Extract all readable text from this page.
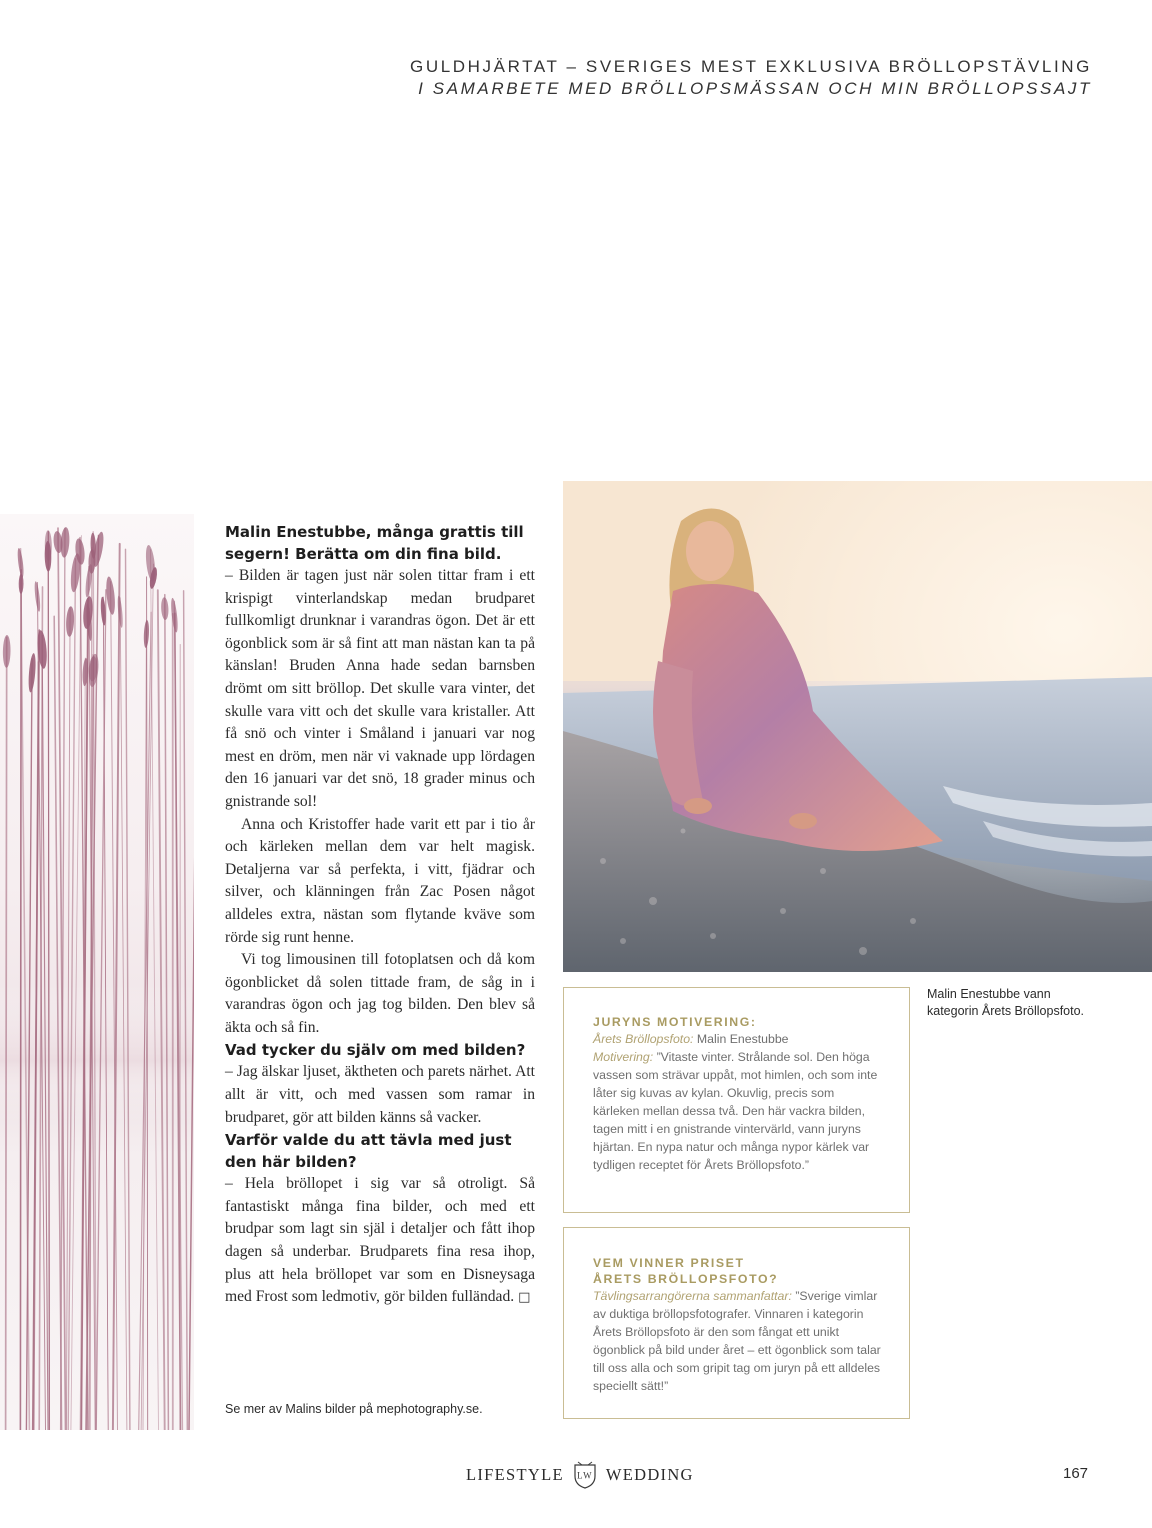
GULDHJÄRTAT – SVERIGES MEST EXKLUSIVA BRÖLLOPSTÄVLING
I SAMARBETE MED BRÖLLOPSMÄSSAN OCH MIN BRÖLLOPSSAJT
Malin Enestubbe, många grattis till segern! Berätta om din fina bild.

– Bilden är tagen just när solen tittar fram i ett krispigt vinterlandskap medan brudparet fullkomligt drunknar i varandras ögon. Det är ett ögonblick som är så fint att man nästan kan ta på känslan! Bruden Anna hade sedan barnsben drömt om sitt bröllop. Det skulle vara vinter, det skulle vara vitt och det skulle vara kristaller. Att få snö och vinter i Småland i januari var nog mest en dröm, men när vi vaknade upp lördagen den 16 januari var det snö, 18 grader minus och gnistrande sol!

Anna och Kristoffer hade varit ett par i tio år och kärleken mellan dem var helt magisk. Detaljerna var så perfekta, i vitt, fjädrar och silver, och klänningen från Zac Posen något alldeles extra, nästan som flytande kväve som rörde sig runt henne.

Vi tog limousinen till fotoplatsen och då kom ögonblicket då solen tittade fram, de såg in i varandras ögon och jag tog bilden. Den blev så äkta och så fin.

Vad tycker du själv om med bilden?

– Jag älskar ljuset, äktheten och parets närhet. Att allt är vitt, och med vassen som ramar in brudparet, gör att bilden känns så vacker.

Varför valde du att tävla med just den här bilden?

– Hela bröllopet i sig var så otroligt. Så fantastiskt många fina bilder, och med ett brudpar som lagt sin själ i detaljer och fått ihop dagen så underbar. Brudparets fina resa ihop, plus att hela bröllopet var som en Disneysaga med Frost som ledmotiv, gör bilden fulländad. □

Se mer av Malins bilder på mephotography.se.
Malin Enestubbe vann kategorin Årets Bröllopsfoto.

JURYNS MOTIVERING:

Årets Bröllopsfoto: Malin Enestubbe
Motivering: ”Vitaste vinter. Strålande sol. Den höga vassen som strävar uppåt, mot himlen, och som inte låter sig kuvas av kylan. Okuvlig, precis som kärleken mellan dessa två. Den här vackra bilden, tagen mitt i en gnistrande vintervärld, vann juryns hjärtan. En nypa natur och många nypor kärlek var tydligen receptet för Årets Bröllopsfoto.”

VEM VINNER PRISET
ÅRETS BRÖLLOPSFOTO?

Tävlingsarrangörerna sammanfattar: ”Sverige vimlar av duktiga bröllopsfotografer. Vinnaren i kategorin Årets Bröllopsfoto är den som fångat ett unikt ögonblick på bild under året – ett ögonblick som talar till oss alla och som gripit tag om juryn på ett alldeles speciellt sätt!”

LIFESTYLE LW WEDDING	167
